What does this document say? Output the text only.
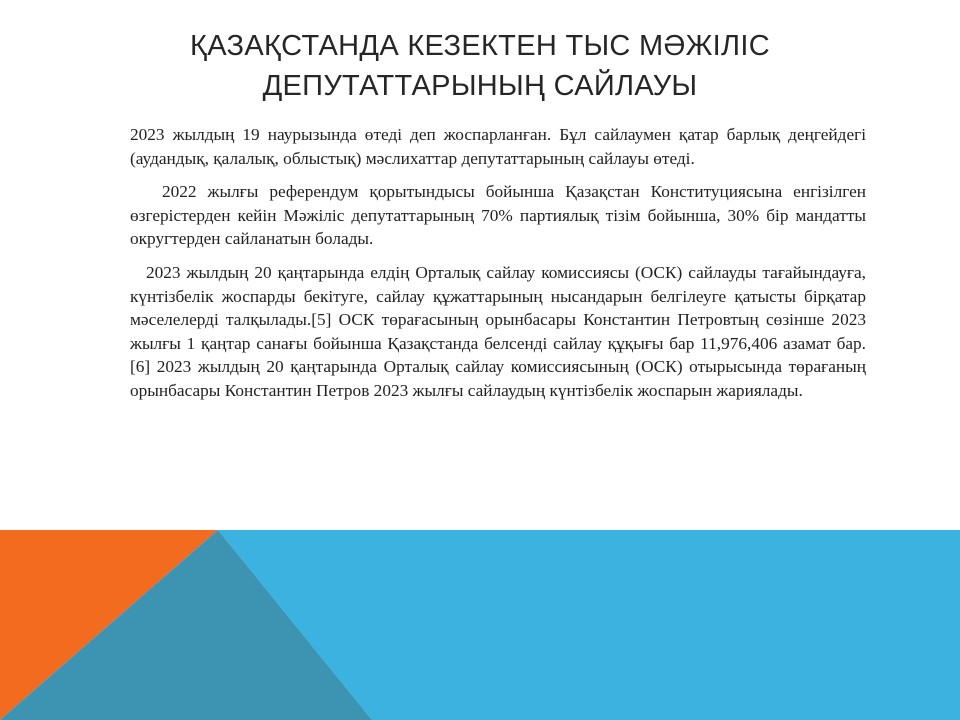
ҚАЗАҚСТАНДА КЕЗЕКТЕН ТЫС МӘЖІЛІС
ДЕПУТАТТАРЫНЫҢ САЙЛАУЫ

2023 жылдың 19 наурызында өтеді деп жоспарланған. Бұл сайлаумен қатар барлық деңгейдегі (аудандық, қалалық, облыстық) мәслихаттар депутаттарының сайлауы өтеді.

2022 жылғы референдум қорытындысы бойынша Қазақстан Конституциясына енгізілген өзгерістерден кейін Мәжіліс депутаттарының 70% партиялық тізім бойынша, 30% бір мандатты округтерден сайланатын болады.

2023 жылдың 20 қаңтарында елдің Орталық сайлау комиссиясы (ОСК) сайлауды тағайындауға, күнтізбелік жоспарды бекітуге, сайлау құжаттарының нысандарын белгілеуге қатысты бірқатар мәселелерді талқылады.[5] ОСК төрағасының орынбасары Константин Петровтың сөзінше 2023 жылғы 1 қаңтар санағы бойынша Қазақстанда белсенді сайлау құқығы бар 11,976,406 азамат бар.[6] 2023 жылдың 20 қаңтарында Орталық сайлау комиссиясының (ОСК) отырысында төрағаның орынбасары Константин Петров 2023 жылғы сайлаудың күнтізбелік жоспарын жариялады.
